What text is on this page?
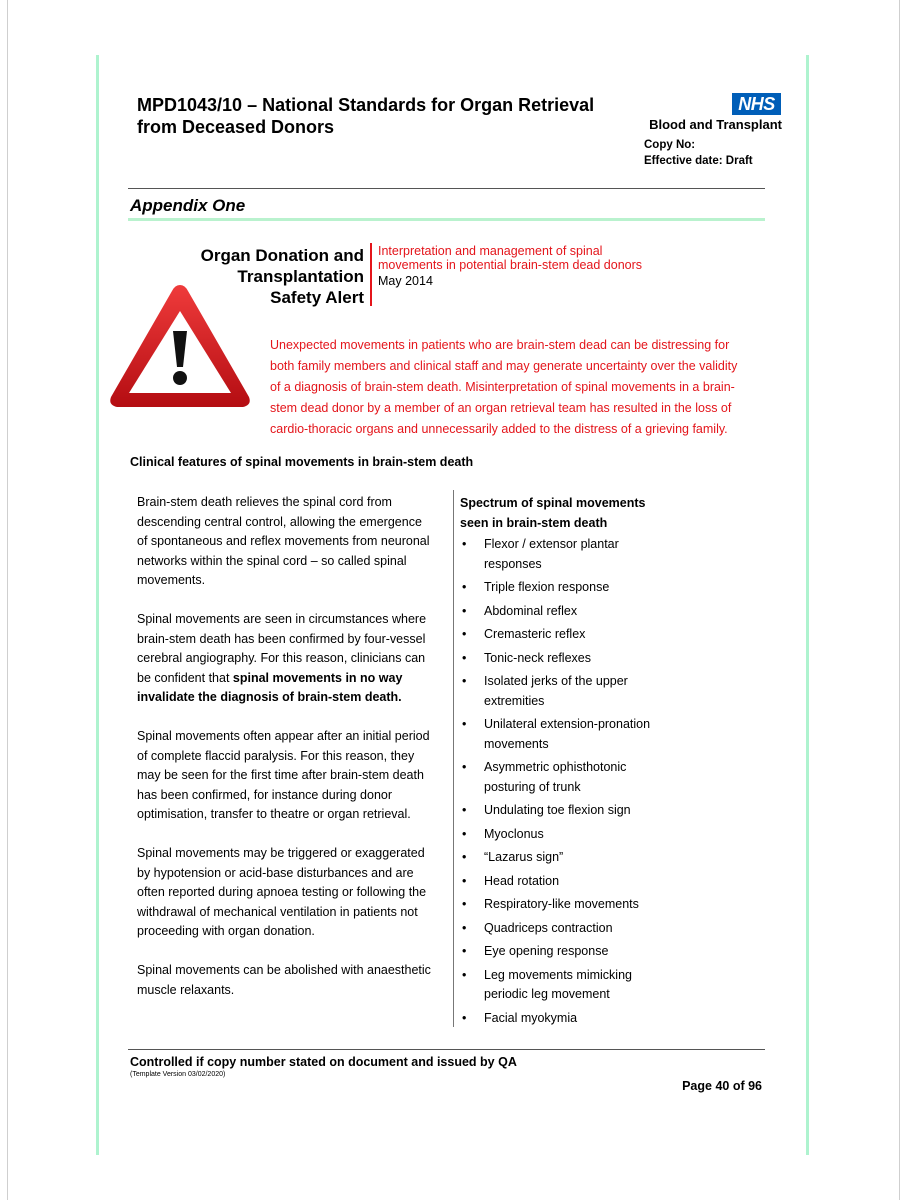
MPD1043/10 – National Standards for Organ Retrieval
from Deceased Donors
NHS
Blood and Transplant
Copy No:
Effective date: Draft
Appendix One
Organ Donation and
Transplantation
Safety Alert
Interpretation and management of spinal
movements in potential brain-stem dead donors
May 2014
Unexpected movements in patients who are brain-stem dead can be distressing for
both family members and clinical staff and may generate uncertainty over the validity
of a diagnosis of brain-stem death. Misinterpretation of spinal movements in a brain-
stem dead donor by a member of an organ retrieval team has resulted in the loss of
cardio-thoracic organs and unnecessarily added to the distress of a grieving family.
Clinical features of spinal movements in brain-stem death
Brain-stem death relieves the spinal cord from
descending central control, allowing the emergence
of spontaneous and reflex movements from neuronal
networks within the spinal cord – so called spinal
movements.
Spinal movements are seen in circumstances where
brain-stem death has been confirmed by four-vessel
cerebral angiography. For this reason, clinicians can
be confident that spinal movements in no way
invalidate the diagnosis of brain-stem death.
Spinal movements often appear after an initial period
of complete flaccid paralysis. For this reason, they
may be seen for the first time after brain-stem death
has been confirmed, for instance during donor
optimisation, transfer to theatre or organ retrieval.
Spinal movements may be triggered or exaggerated
by hypotension or acid-base disturbances and are
often reported during apnoea testing or following the
withdrawal of mechanical ventilation in patients not
proceeding with organ donation.
Spinal movements can be abolished with anaesthetic
muscle relaxants.
Spectrum of spinal movements
seen in brain-stem death
• Flexor / extensor plantar
responses
• Triple flexion response
• Abdominal reflex
• Cremasteric reflex
• Tonic-neck reflexes
• Isolated jerks of the upper
extremities
• Unilateral extension-pronation
movements
• Asymmetric ophisthotonic
posturing of trunk
• Undulating toe flexion sign
• Myoclonus
• “Lazarus sign”
• Head rotation
• Respiratory-like movements
• Quadriceps contraction
• Eye opening response
• Leg movements mimicking
periodic leg movement
• Facial myokymia
Controlled if copy number stated on document and issued by QA
(Template Version 03/02/2020)
Page 40 of 96
